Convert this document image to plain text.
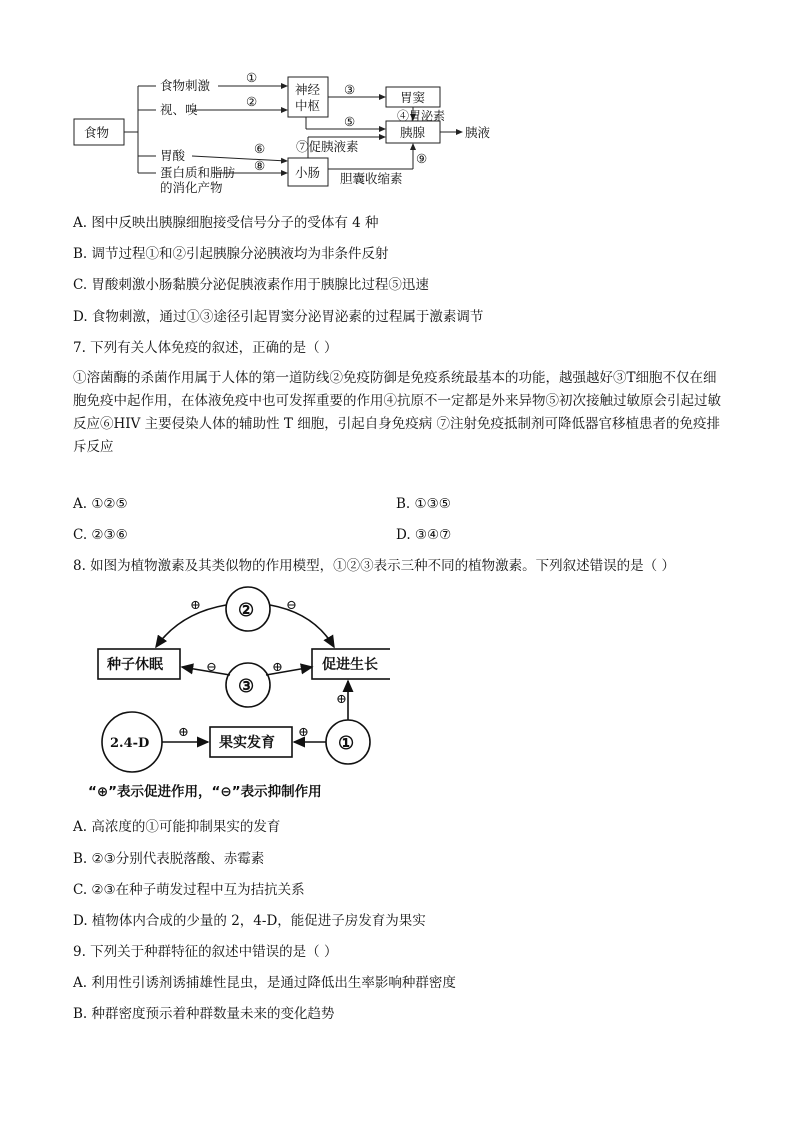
食物
食物刺激
视、嗅
胃酸
蛋白质和脂肪
的消化产物
神经
中枢
小肠
胃窦
胰腺	胰液
④胃泌素
⑦促胰液素
胆囊收缩素
①
②
③
⑤
⑥
⑧	⑨
A. 图中反映出胰腺细胞接受信号分子的受体有 4 种
B. 调节过程①和②引起胰腺分泌胰液均为非条件反射
C. 胃酸刺激小肠黏膜分泌促胰液素作用于胰腺比过程⑤迅速
D. 食物刺激，通过①③途径引起胃窦分泌胃泌素的过程属于激素调节
7. 下列有关人体免疫的叙述，正确的是（ ）
①溶菌酶的杀菌作用属于人体的第一道防线②免疫防御是免疫系统最基本的功能，越强越好③T细胞不仅在细胞免疫中起作用，在体液免疫中也可发挥重要的作用④抗原不一定都是外来异物⑤初次接触过敏原会引起过敏反应⑥HIV 主要侵染人体的辅助性 T 细胞，引起自身免疫病 ⑦注射免疫抵制剂可降低器官移植患者的免疫排斥反应
A. ①②⑤	B. ①③⑤
C. ②③⑥	D. ③④⑦
8. 如图为植物激素及其类似物的作用模型，①②③表示三种不同的植物激素。下列叙述错误的是（ ）
②
③
①
2.4-D
种子休眠	促进生长
果实发育
⊕	⊖
⊖	⊕
⊕
⊕	⊕
“⊕”表示促进作用，“⊖”表示抑制作用
A. 高浓度的①可能抑制果实的发育
B. ②③分别代表脱落酸、赤霉素
C. ②③在种子萌发过程中互为拮抗关系
D. 植物体内合成的少量的 2，4-D，能促进子房发育为果实
9. 下列关于种群特征的叙述中错误的是（ ）
A. 利用性引诱剂诱捕雄性昆虫，是通过降低出生率影响种群密度
B. 种群密度预示着种群数量未来的变化趋势
